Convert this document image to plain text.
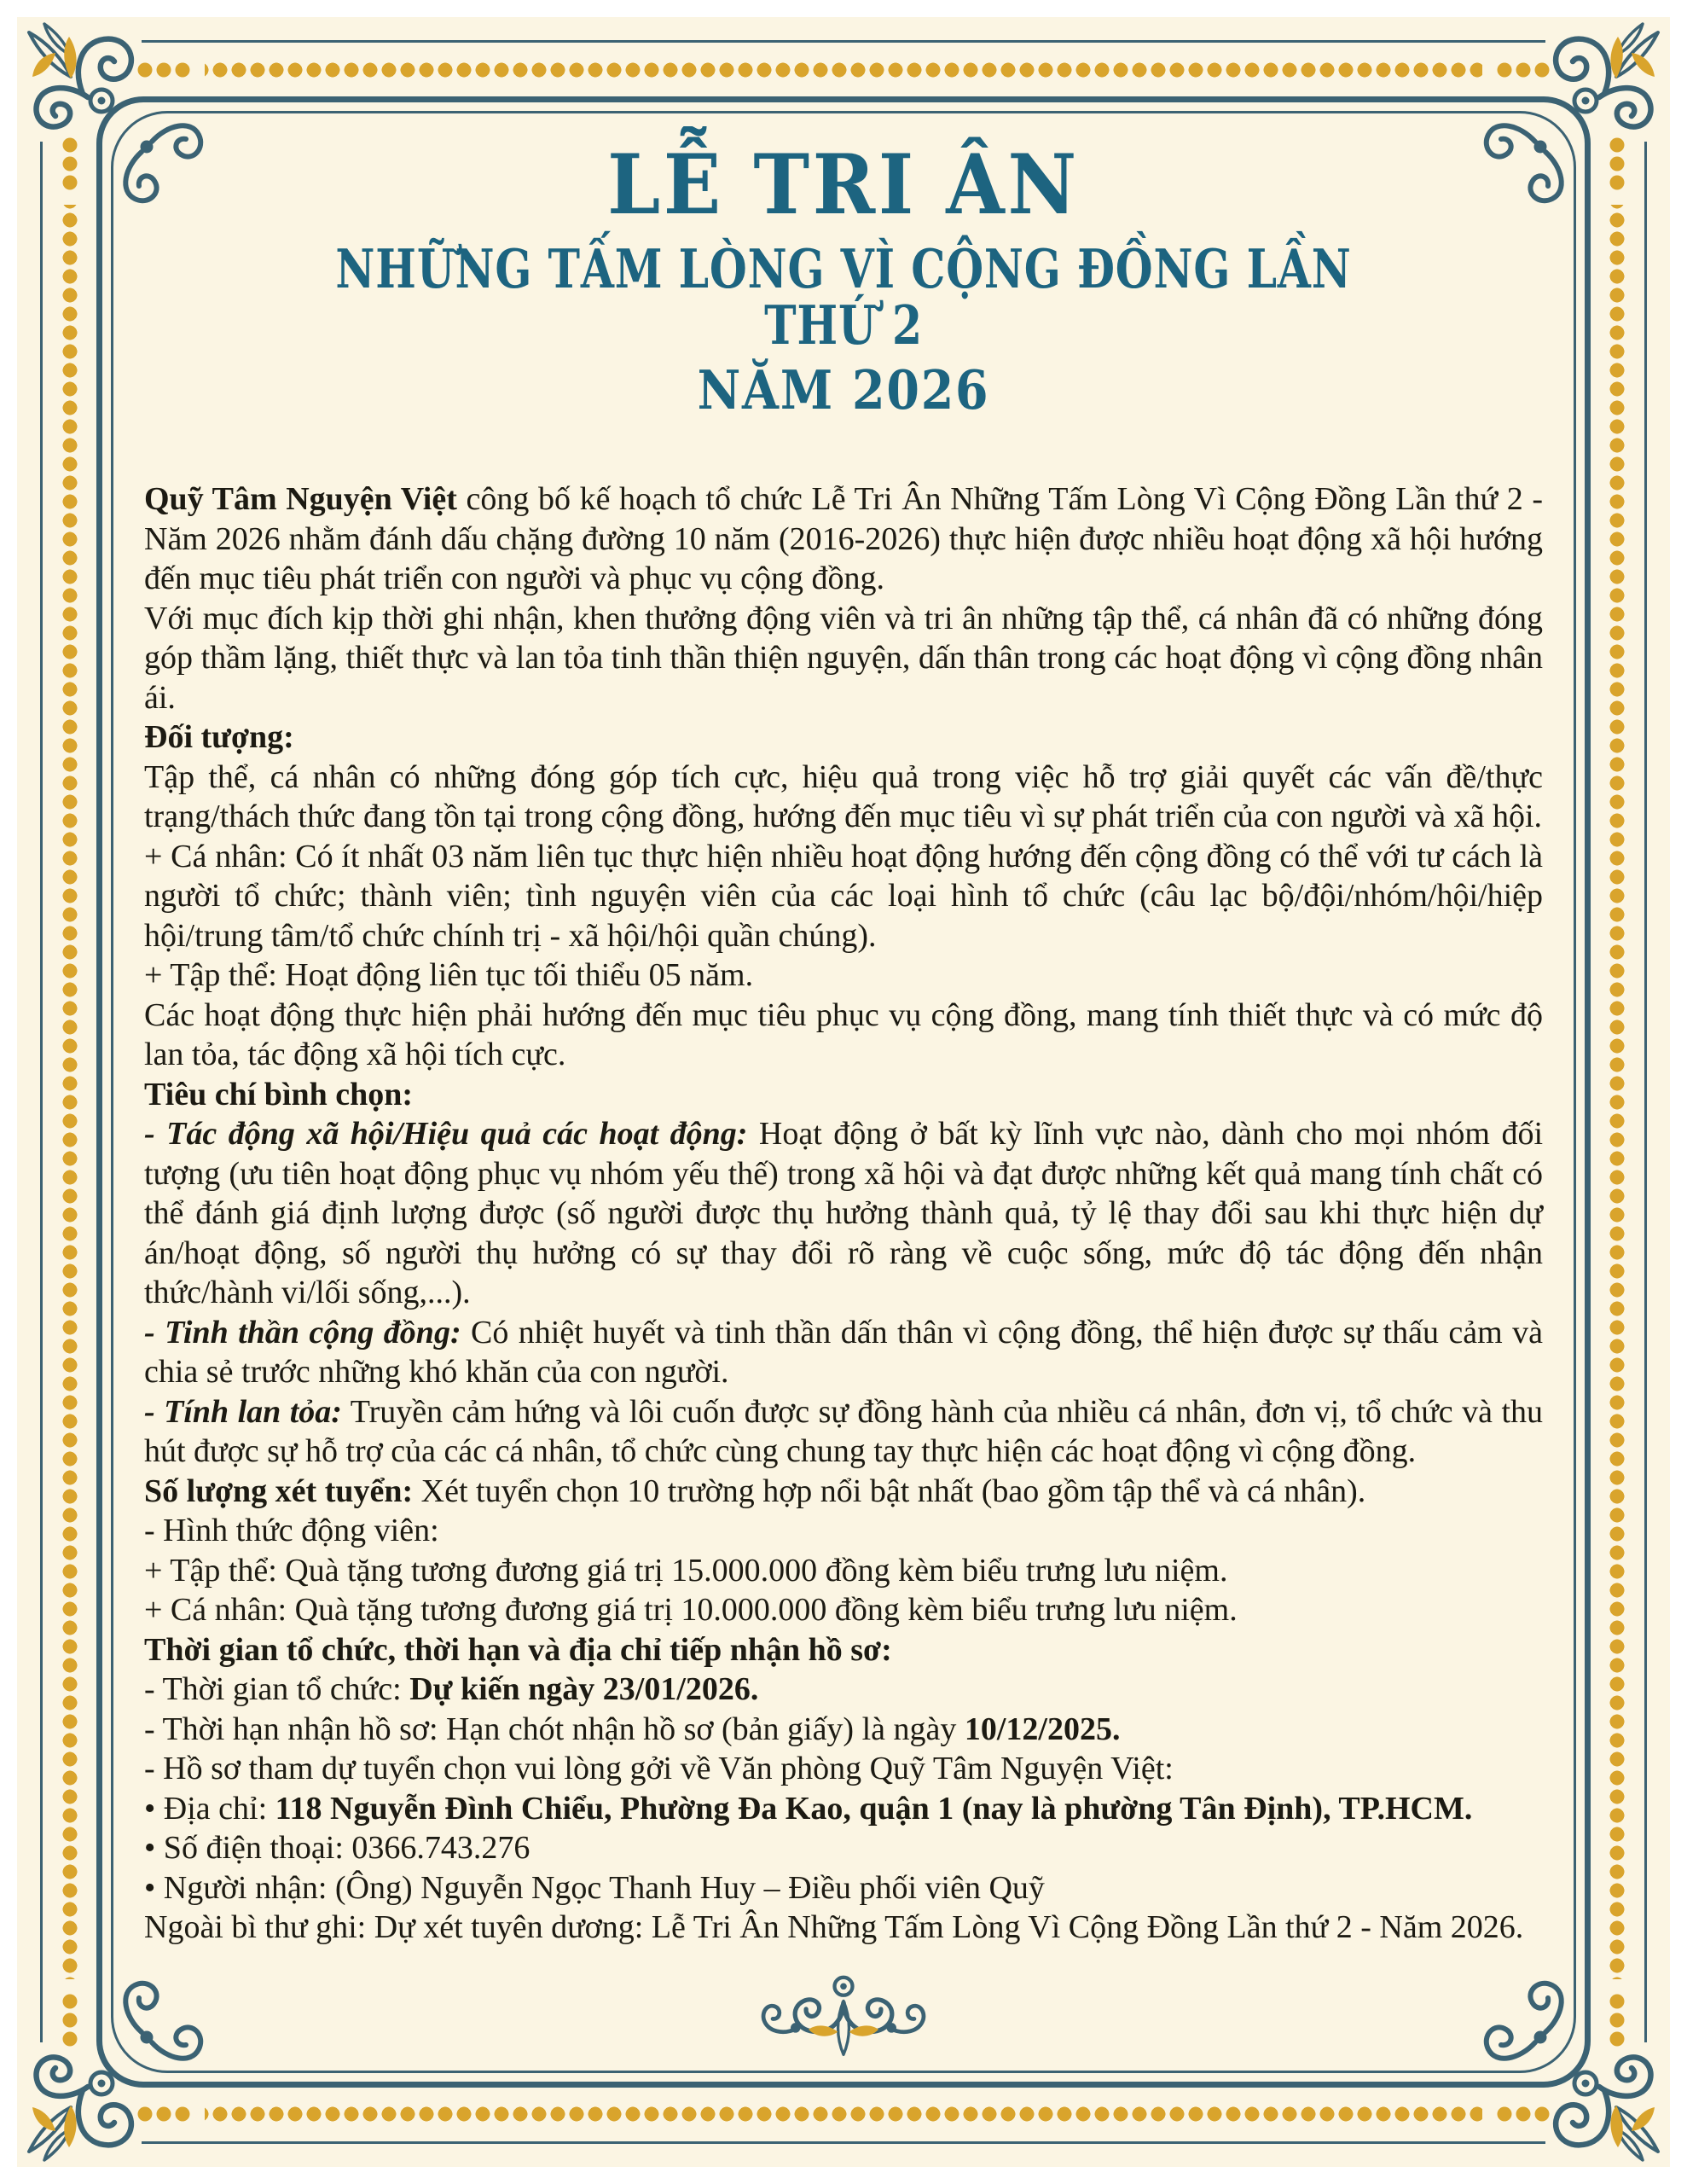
LỄ TRI ÂN
NHỮNG TẤM LÒNG VÌ CỘNG ĐỒNG LẦN THỨ 2
NĂM 2026

Quỹ Tâm Nguyện Việt công bố kế hoạch tổ chức Lễ Tri Ân Những Tấm Lòng Vì Cộng Đồng Lần thứ 2 - Năm 2026 nhằm đánh dấu chặng đường 10 năm (2016-2026) thực hiện được nhiều hoạt động xã hội hướng đến mục tiêu phát triển con người và phục vụ cộng đồng.

Với mục đích kịp thời ghi nhận, khen thưởng động viên và tri ân những tập thể, cá nhân đã có những đóng góp thầm lặng, thiết thực và lan tỏa tinh thần thiện nguyện, dấn thân trong các hoạt động vì cộng đồng nhân ái.

Đối tượng:

Tập thể, cá nhân có những đóng góp tích cực, hiệu quả trong việc hỗ trợ giải quyết các vấn đề/thực trạng/thách thức đang tồn tại trong cộng đồng, hướng đến mục tiêu vì sự phát triển của con người và xã hội.

+ Cá nhân: Có ít nhất 03 năm liên tục thực hiện nhiều hoạt động hướng đến cộng đồng có thể với tư cách là người tổ chức; thành viên; tình nguyện viên của các loại hình tổ chức (câu lạc bộ/đội/nhóm/hội/hiệp hội/trung tâm/tổ chức chính trị - xã hội/hội quần chúng).

+ Tập thể: Hoạt động liên tục tối thiểu 05 năm.

Các hoạt động thực hiện phải hướng đến mục tiêu phục vụ cộng đồng, mang tính thiết thực và có mức độ lan tỏa, tác động xã hội tích cực.

Tiêu chí bình chọn:

- Tác động xã hội/Hiệu quả các hoạt động: Hoạt động ở bất kỳ lĩnh vực nào, dành cho mọi nhóm đối tượng (ưu tiên hoạt động phục vụ nhóm yếu thế) trong xã hội và đạt được những kết quả mang tính chất có thể đánh giá định lượng được (số người được thụ hưởng thành quả, tỷ lệ thay đổi sau khi thực hiện dự án/hoạt động, số người thụ hưởng có sự thay đổi rõ ràng về cuộc sống, mức độ tác động đến nhận thức/hành vi/lối sống,...).

- Tinh thần cộng đồng: Có nhiệt huyết và tinh thần dấn thân vì cộng đồng, thể hiện được sự thấu cảm và chia sẻ trước những khó khăn của con người.

- Tính lan tỏa: Truyền cảm hứng và lôi cuốn được sự đồng hành của nhiều cá nhân, đơn vị, tổ chức và thu hút được sự hỗ trợ của các cá nhân, tổ chức cùng chung tay thực hiện các hoạt động vì cộng đồng.

Số lượng xét tuyển: Xét tuyển chọn 10 trường hợp nổi bật nhất (bao gồm tập thể và cá nhân).

- Hình thức động viên:

+ Tập thể: Quà tặng tương đương giá trị 15.000.000 đồng kèm biểu trưng lưu niệm.

+ Cá nhân: Quà tặng tương đương giá trị 10.000.000 đồng kèm biểu trưng lưu niệm.

Thời gian tổ chức, thời hạn và địa chỉ tiếp nhận hồ sơ:

- Thời gian tổ chức: Dự kiến ngày 23/01/2026.

- Thời hạn nhận hồ sơ: Hạn chót nhận hồ sơ (bản giấy) là ngày 10/12/2025.

- Hồ sơ tham dự tuyển chọn vui lòng gởi về Văn phòng Quỹ Tâm Nguyện Việt:

• Địa chỉ: 118 Nguyễn Đình Chiểu, Phường Đa Kao, quận 1 (nay là phường Tân Định), TP.HCM.

• Số điện thoại: 0366.743.276

• Người nhận: (Ông) Nguyễn Ngọc Thanh Huy – Điều phối viên Quỹ

Ngoài bì thư ghi: Dự xét tuyên dương: Lễ Tri Ân Những Tấm Lòng Vì Cộng Đồng Lần thứ 2 - Năm 2026.
